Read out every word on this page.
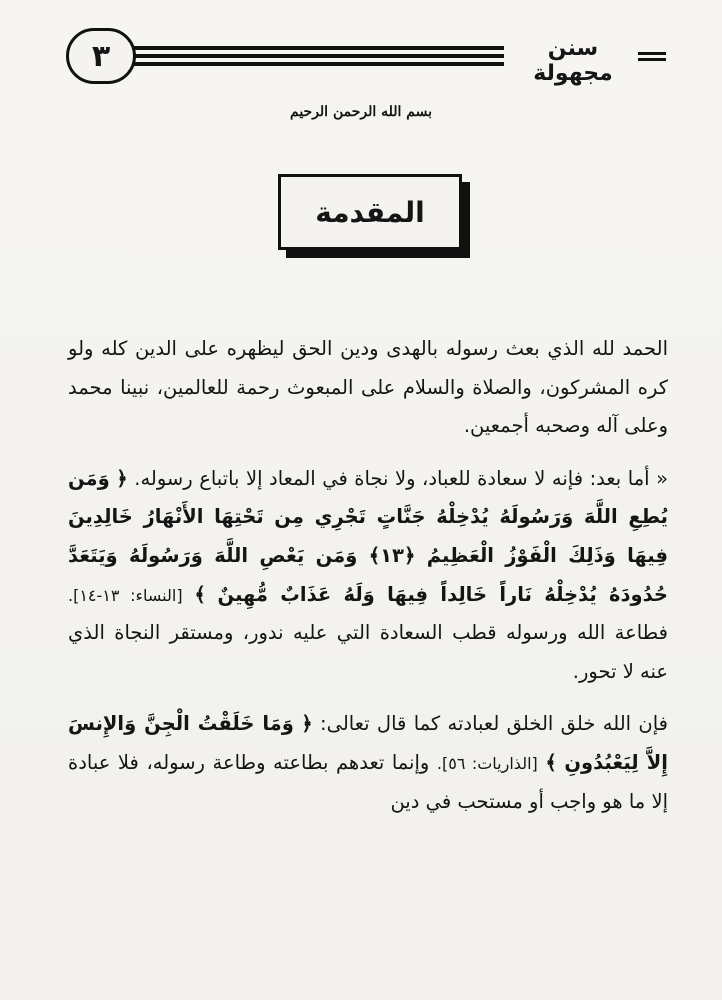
٣	سنن مجهولة
بسم الله الرحمن الرحيم
المقدمة

الحمد لله الذي بعث رسوله بالهدى ودين الحق ليظهره على الدين كله ولو كره المشركون، والصلاة والسلام على المبعوث رحمة للعالمين، نبينا محمد وعلى آله وصحبه أجمعين.

« أما بعد: فإنه لا سعادة للعباد، ولا نجاة في المعاد إلا باتباع رسوله. ﴿ وَمَن يُطِعِ اللَّهَ وَرَسُولَهُ يُدْخِلْهُ جَنَّاتٍ تَجْرِي مِن تَحْتِهَا الأَنْهَارُ خَالِدِينَ فِيهَا وَذَلِكَ الْفَوْزُ الْعَظِيمُ ﴿١٣﴾ وَمَن يَعْصِ اللَّهَ وَرَسُولَهُ وَيَتَعَدَّ حُدُودَهُ يُدْخِلْهُ نَاراً خَالِداً فِيهَا وَلَهُ عَذَابٌ مُّهِينٌ ﴾ [النساء: ١٣-١٤]. فطاعة الله ورسوله قطب السعادة التي عليه ندور، ومستقر النجاة الذي عنه لا تحور.

فإن الله خلق الخلق لعبادته كما قال تعالى: ﴿ وَمَا خَلَقْتُ الْجِنَّ وَالإِنسَ إِلاَّ لِيَعْبُدُونِ ﴾ [الذاريات: ٥٦]. وإنما تعدهم بطاعته وطاعة رسوله، فلا عبادة إلا ما هو واجب أو مستحب في دين
